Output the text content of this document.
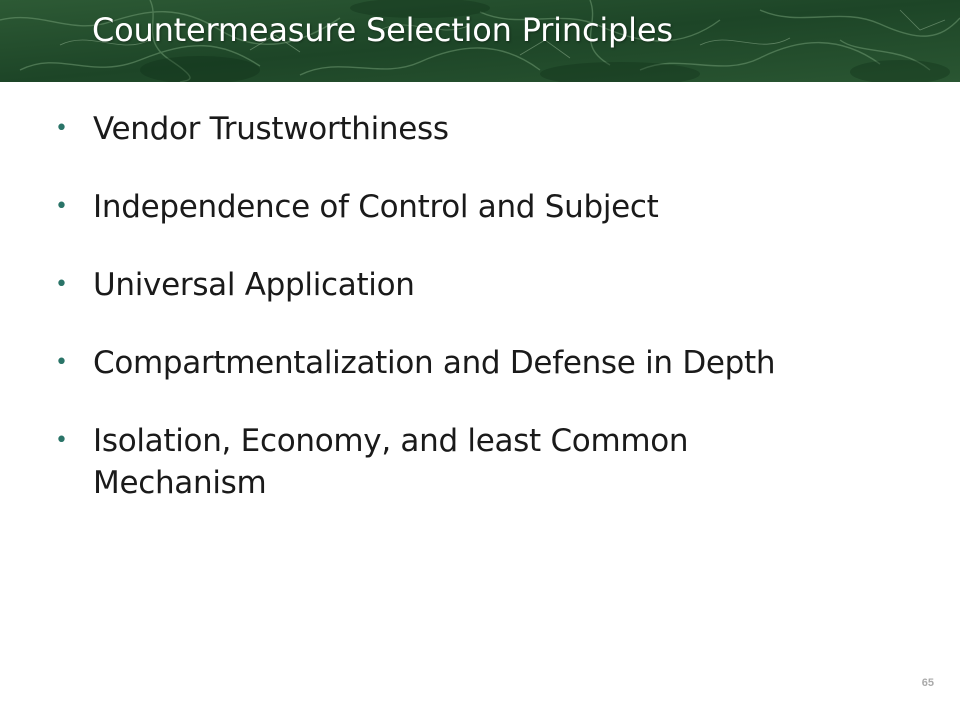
Countermeasure Selection Principles
• Vendor Trustworthiness
• Independence of Control and Subject
• Universal Application
• Compartmentalization and Defense in Depth
• Isolation, Economy, and least Common Mechanism
65
